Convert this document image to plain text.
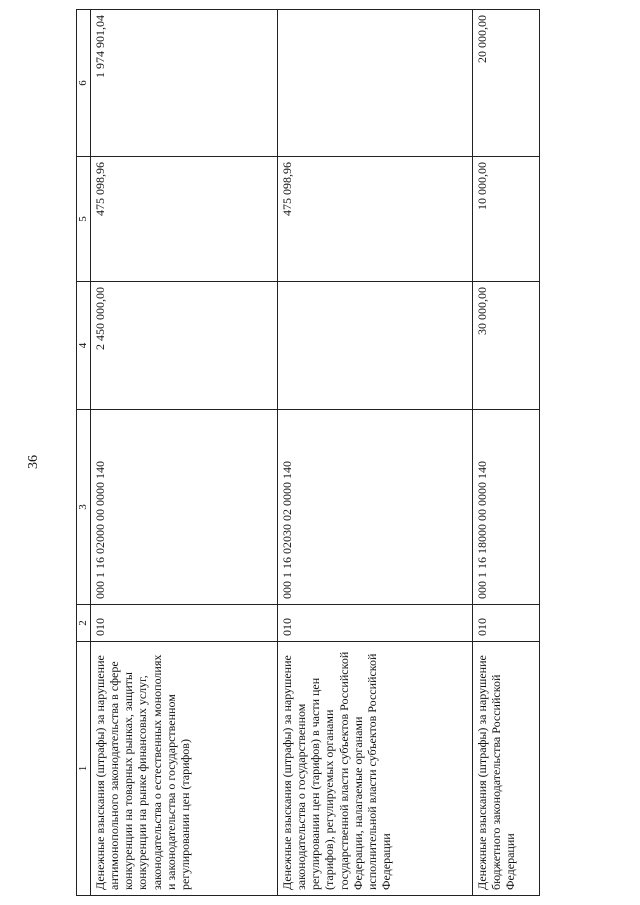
36
1	2	3	4	5	6
Денежные взыскания (штрафы) за нарушение антимонопольного законодательства в сфере конкуренции на товарных рынках, защиты конкуренции на рынке финансовых услуг, законодательства о естественных монополиях и законодательства о государственном регулировании цен (тарифов)	010	000 1 16 02000 00 0000 140	2 450 000,00	475 098,96	1 974 901,04
Денежные взыскания (штрафы) за нарушение законодательства о государственном регулировании цен (тарифов) в части цен (тарифов), регулируемых органами государственной власти субъектов Российской Федерации, налагаемые органами исполнительной власти субъектов Российской Федерации	010	000 1 16 02030 02 0000 140		475 098,96	
Денежные взыскания (штрафы) за нарушение бюджетного законодательства Российской Федерации	010	000 1 16 18000 00 0000 140	30 000,00	10 000,00	20 000,00
